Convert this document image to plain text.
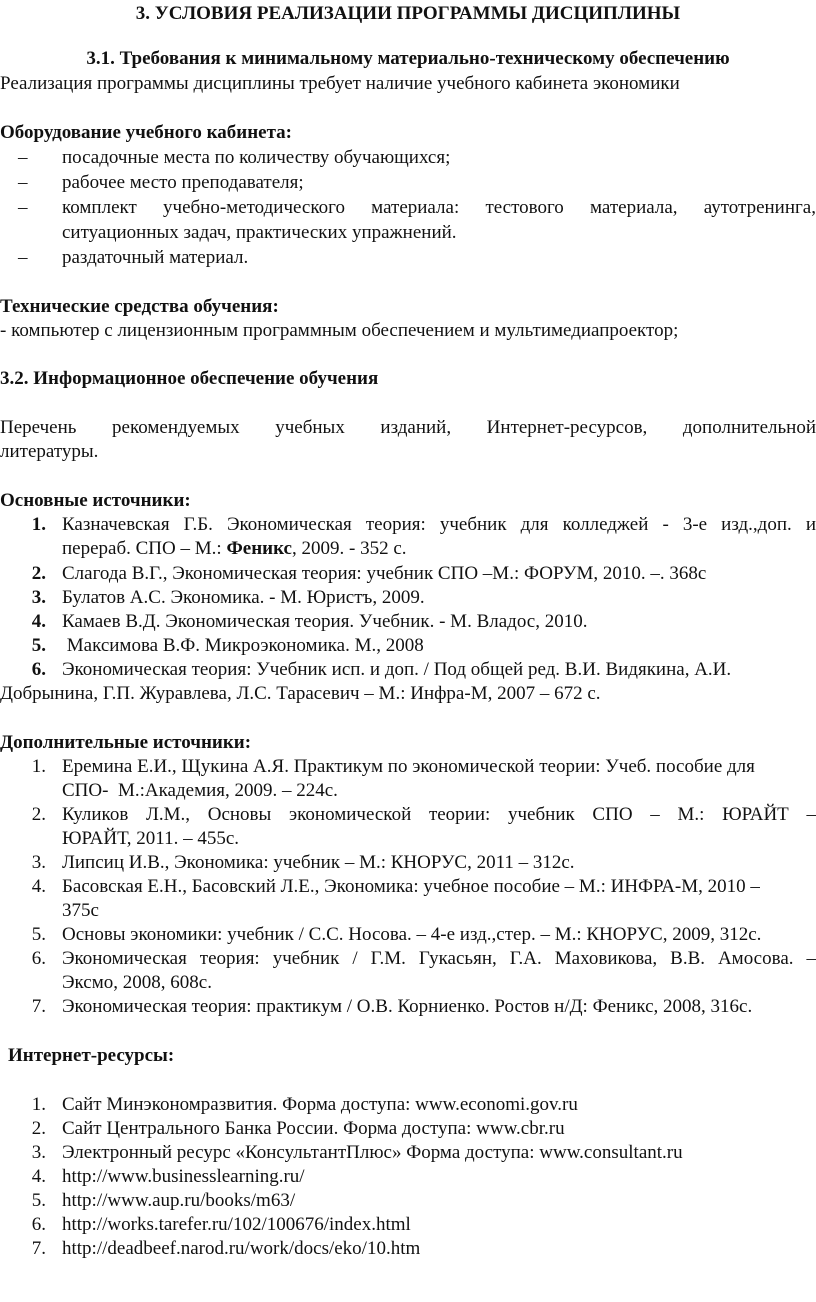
3. УСЛОВИЯ РЕАЛИЗАЦИИ ПРОГРАММЫ ДИСЦИПЛИНЫ
3.1. Требования к минимальному материально-техническому обеспечению
Реализация программы дисциплины требует наличие учебного кабинета экономики
Оборудование учебного кабинета:
– посадочные места по количеству обучающихся;
– рабочее место преподавателя;
– комплект учебно-методического материала: тестового материала, аутотренинга,
ситуационных задач, практических упражнений.
– раздаточный материал.
Технические средства обучения:
- компьютер с лицензионным программным обеспечением и мультимедиапроектор;
3.2. Информационное обеспечение обучения
Перечень рекомендуемых учебных изданий, Интернет-ресурсов, дополнительной
литературы.
Основные источники:
1. Казначевская Г.Б. Экономическая теория: учебник для колледжей - 3-е изд.,доп. и
перераб. СПО – М.: Феникс, 2009. - 352 с.
2. Слагода В.Г., Экономическая теория: учебник СПО –М.: ФОРУМ, 2010. –. 368с
3. Булатов А.С. Экономика. - М. Юристъ, 2009.
4. Камаев В.Д. Экономическая теория. Учебник. - М. Владос, 2010.
5. Максимова В.Ф. Микроэкономика. М., 2008
6. Экономическая теория: Учебник исп. и доп. / Под общей ред. В.И. Видякина, А.И.
Добрынина, Г.П. Журавлева, Л.С. Тарасевич – М.: Инфра-М, 2007 – 672 с.
Дополнительные источники:
1. Еремина Е.И., Щукина А.Я. Практикум по экономической теории: Учеб. пособие для
СПО-  М.:Академия, 2009. – 224с.
2. Куликов Л.М., Основы экономической теории: учебник СПО – М.: ЮРАЙТ –
ЮРАЙТ, 2011. – 455с.
3. Липсиц И.В., Экономика: учебник – М.: КНОРУС, 2011 – 312с.
4. Басовская Е.Н., Басовский Л.Е., Экономика: учебное пособие – М.: ИНФРА-М, 2010 –
375с
5. Основы экономики: учебник / С.С. Носова. – 4-е изд.,стер. – М.: КНОРУС, 2009, 312с.
6. Экономическая теория: учебник / Г.М. Гукасьян, Г.А. Маховикова, В.В. Амосова. –
Эксмо, 2008, 608с.
7. Экономическая теория: практикум / О.В. Корниенко. Ростов н/Д: Феникс, 2008, 316с.
Интернет-ресурсы:
1. Сайт Минэкономразвития. Форма доступа: www.economi.gov.ru
2. Сайт Центрального Банка России. Форма доступа: www.cbr.ru
3. Электронный ресурс «КонсультантПлюс» Форма доступа: www.consultant.ru
4. http://www.businesslearning.ru/
5. http://www.aup.ru/books/m63/
6. http://works.tarefer.ru/102/100676/index.html
7. http://deadbeef.narod.ru/work/docs/eko/10.htm
